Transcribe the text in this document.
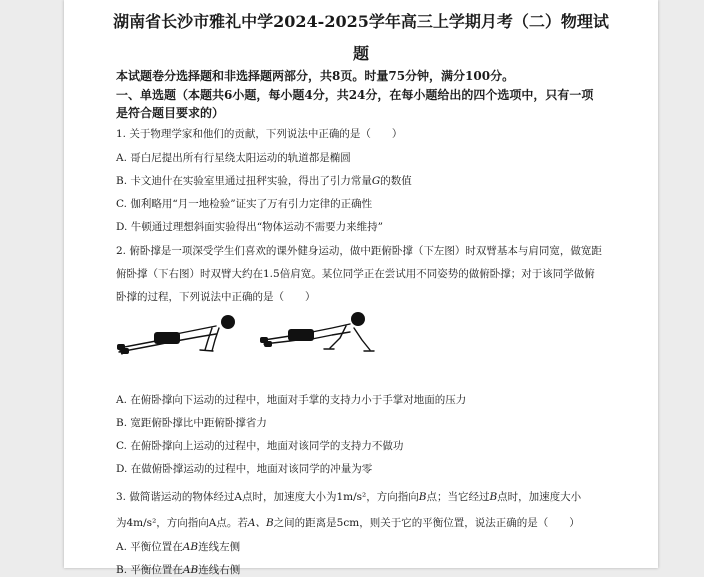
湖南省长沙市雅礼中学2024-2025学年高三上学期月考（二）物理试
题
本试题卷分选择题和非选择题两部分，共8页。时量75分钟，满分100分。
一、单选题（本题共6小题，每小题4分，共24分，在每小题给出的四个选项中，只有一项
是符合题目要求的）
1. 关于物理学家和他们的贡献，下列说法中正确的是（　　）
A. 哥白尼提出所有行星绕太阳运动的轨道都是椭圆
B. 卡文迪什在实验室里通过扭秤实验，得出了引力常量G的数值
C. 伽利略用“月一地检验”证实了万有引力定律的正确性
D. 牛顿通过理想斜面实验得出“物体运动不需要力来维持”
2. 俯卧撑是一项深受学生们喜欢的课外健身运动，做中距俯卧撑（下左图）时双臂基本与肩同宽，做宽距
俯卧撑（下右图）时双臂大约在1.5倍肩宽。某位同学正在尝试用不同姿势的做俯卧撑；对于该同学做俯
卧撑的过程，下列说法中正确的是（　　）
A. 在俯卧撑向下运动的过程中，地面对手掌的支持力小于手掌对地面的压力
B. 宽距俯卧撑比中距俯卧撑省力
C. 在俯卧撑向上运动的过程中，地面对该同学的支持力不做功
D. 在做俯卧撑运动的过程中，地面对该同学的冲量为零
3. 做简谐运动的物体经过A点时，加速度大小为1m/s²，方向指向B点；当它经过B点时，加速度大小
为4m/s²，方向指向A点。若A、B之间的距离是5cm，则关于它的平衡位置，说法正确的是（　　）
A. 平衡位置在AB连线左侧
B. 平衡位置在AB连线右侧
